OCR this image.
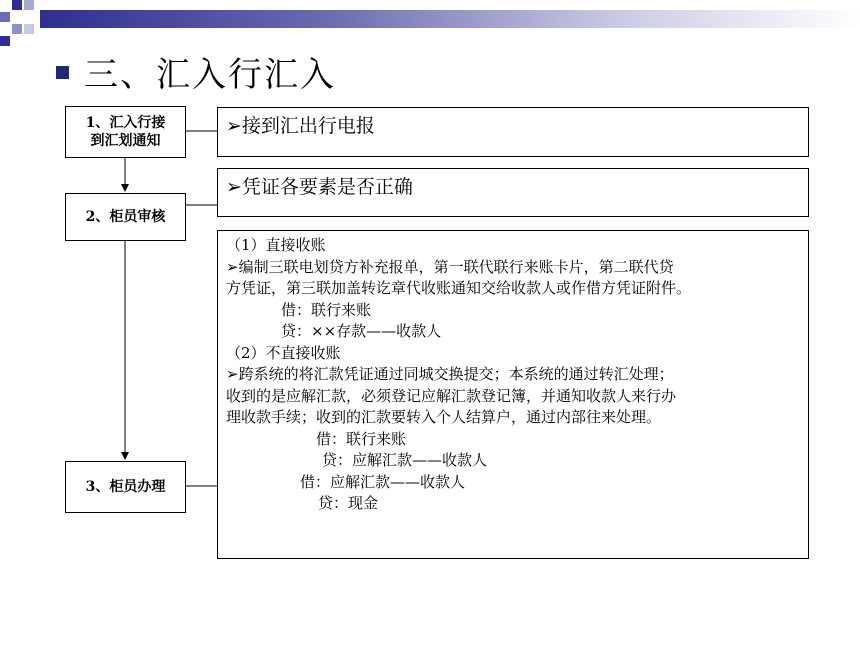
三、汇入行汇入
1、汇入行接到汇划通知
2、柜员审核
3、柜员办理
➢接到汇出行电报
➢凭证各要素是否正确
（1）直接收账
➢编制三联电划贷方补充报单，第一联代联行来账卡片，第二联代贷
方凭证，第三联加盖转讫章代收账通知交给收款人或作借方凭证附件。
借：联行来账
贷：××存款——收款人
（2）不直接收账
➢跨系统的将汇款凭证通过同城交换提交；本系统的通过转汇处理；
收到的是应解汇款，必须登记应解汇款登记簿，并通知收款人来行办
理收款手续；收到的汇款要转入个人结算户，通过内部往来处理。
借：联行来账
贷：应解汇款——收款人
借：应解汇款——收款人
贷：现金
